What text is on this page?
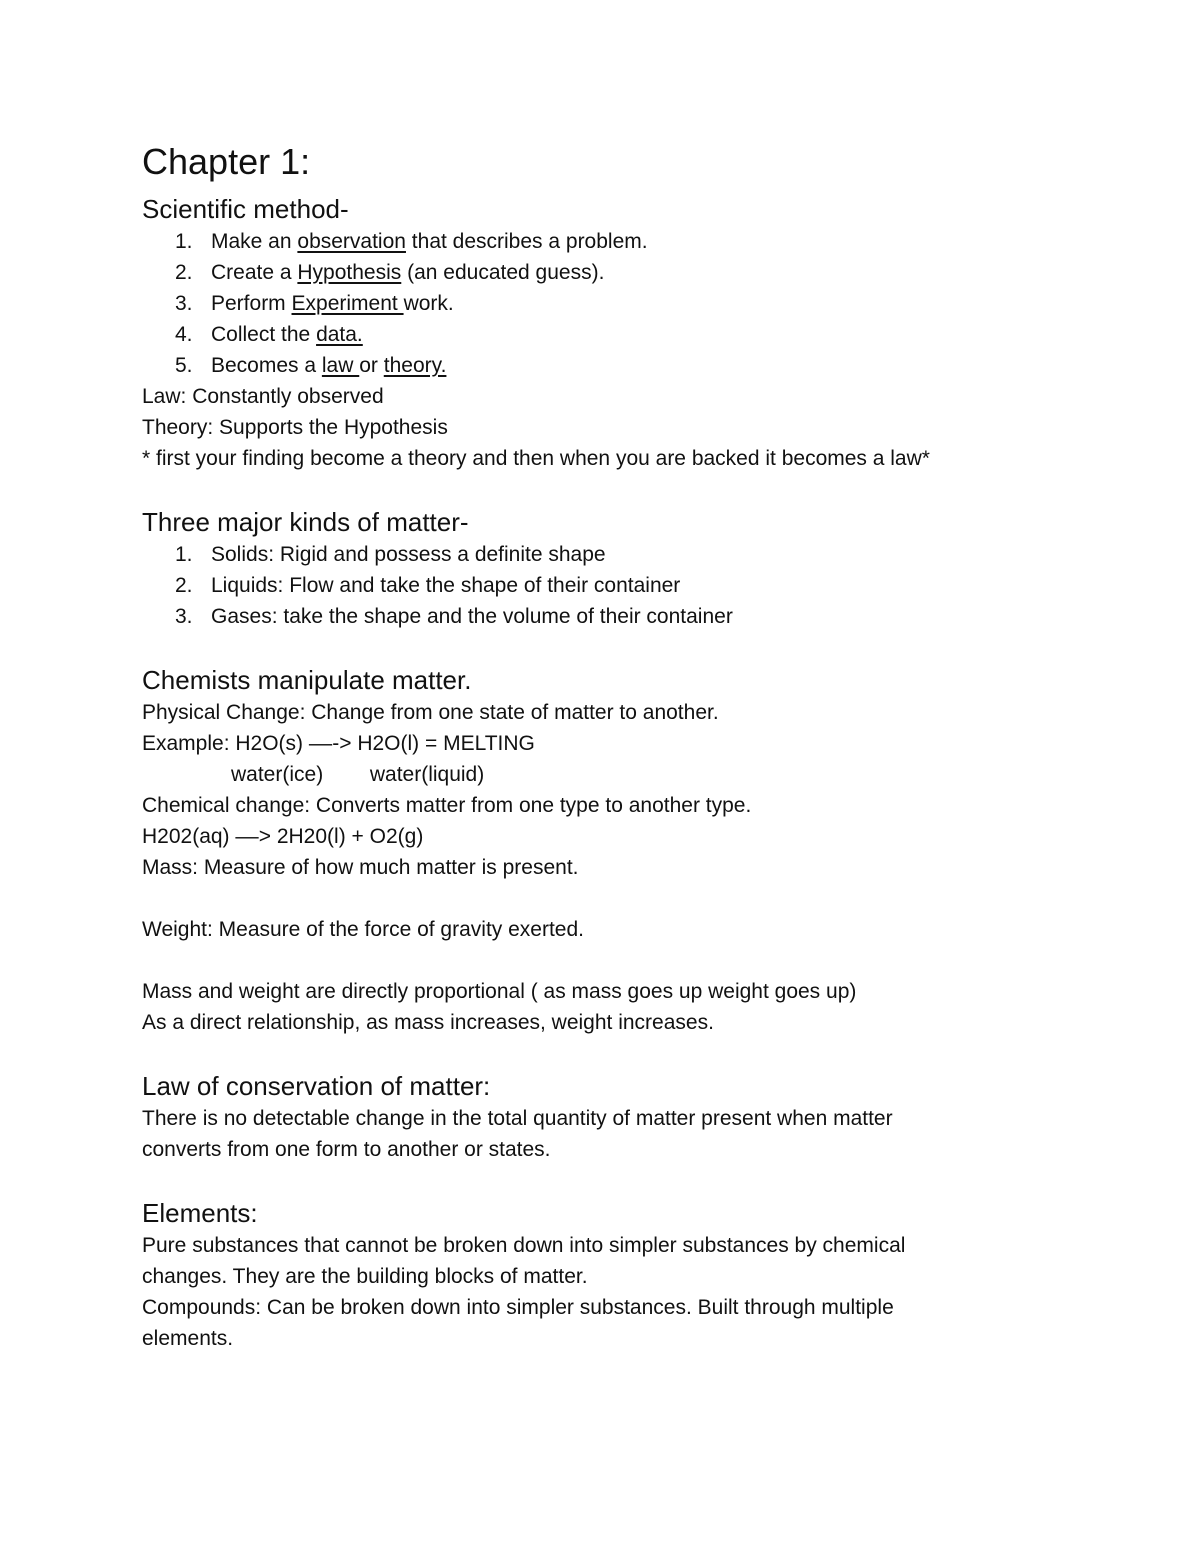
Chapter 1:
Scientific method-
1. Make an observation that describes a problem.
2. Create a Hypothesis (an educated guess).
3. Perform Experiment work.
4. Collect the data.
5. Becomes a law or theory.

Law: Constantly observed

Theory: Supports the Hypothesis

* first your finding become a theory and then when you are backed it becomes a law*

Three major kinds of matter-
1. Solids: Rigid and possess a definite shape
2. Liquids: Flow and take the shape of their container
3. Gases: take the shape and the volume of their container
Chemists manipulate matter.

Physical Change: Change from one state of matter to another.

Example: H2O(s) ––-> H2O(l) = MELTING

water(ice)        water(liquid)

Chemical change: Converts matter from one type to another type.

H202(aq) ––> 2H20(l) + O2(g)

Mass: Measure of how much matter is present.

Weight: Measure of the force of gravity exerted.

Mass and weight are directly proportional ( as mass goes up weight goes up)

As a direct relationship, as mass increases, weight increases.

Law of conservation of matter:

There is no detectable change in the total quantity of matter present when matter

converts from one form to another or states.

Elements:

Pure substances that cannot be broken down into simpler substances by chemical

changes. They are the building blocks of matter.

Compounds: Can be broken down into simpler substances. Built through multiple

elements.
